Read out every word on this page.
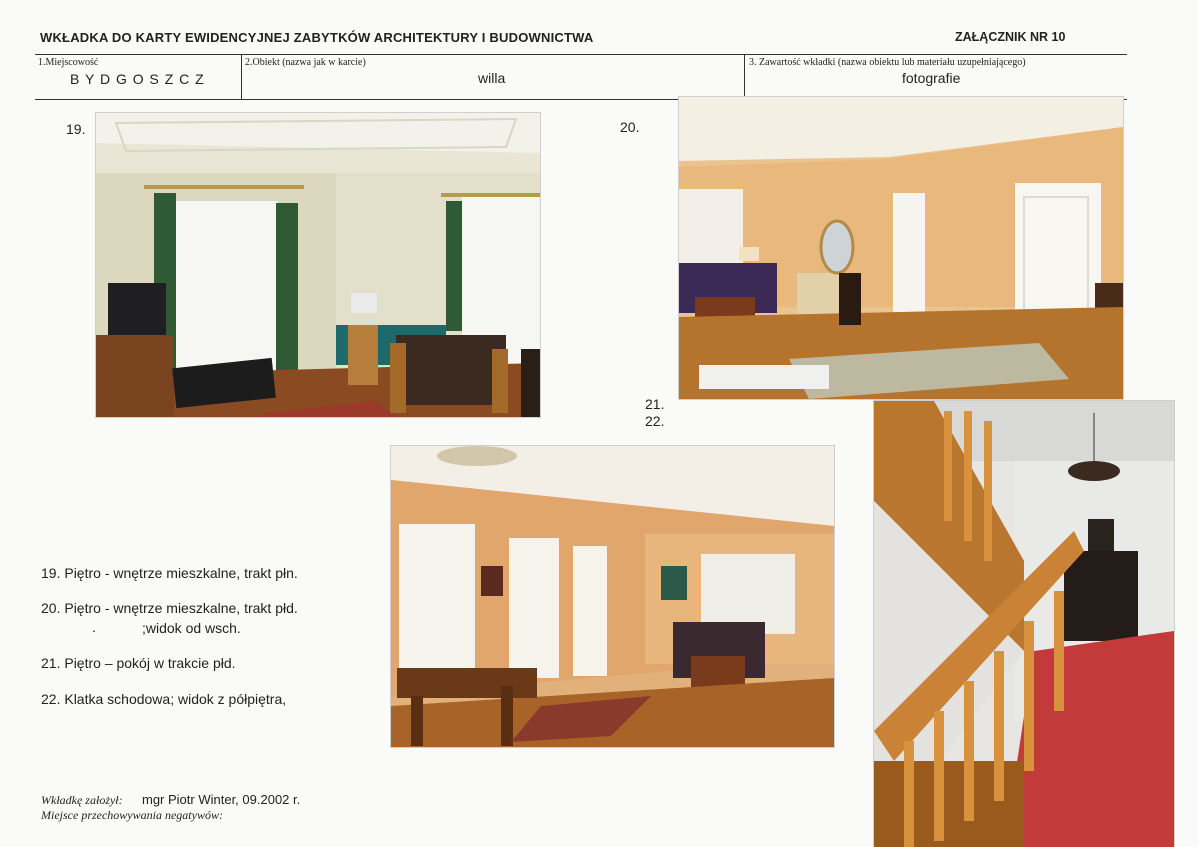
WKŁADKA DO KARTY EWIDENCYJNEJ ZABYTKÓW ARCHITEKTURY I BUDOWNICTWA	ZAŁĄCZNIK NR 10
1.Miejscowość
B Y D G O S Z C Z
2.Obiekt (nazwa jak w karcie)
willa
3. Zawartość wkładki (nazwa obiektu lub materiału uzupełniającego)
fotografie
19.	20.
21.
22.
19. Piętro - wnętrze mieszkalne, trakt płn.
20. Piętro - wnętrze mieszkalne, trakt płd.
.	;widok od wsch.
21. Piętro – pokój w trakcie płd.
22. Klatka schodowa; widok z półpiętra,
Wkładkę założył: mgr Piotr Winter, 09.2002 r.
Miejsce przechowywania negatywów:
